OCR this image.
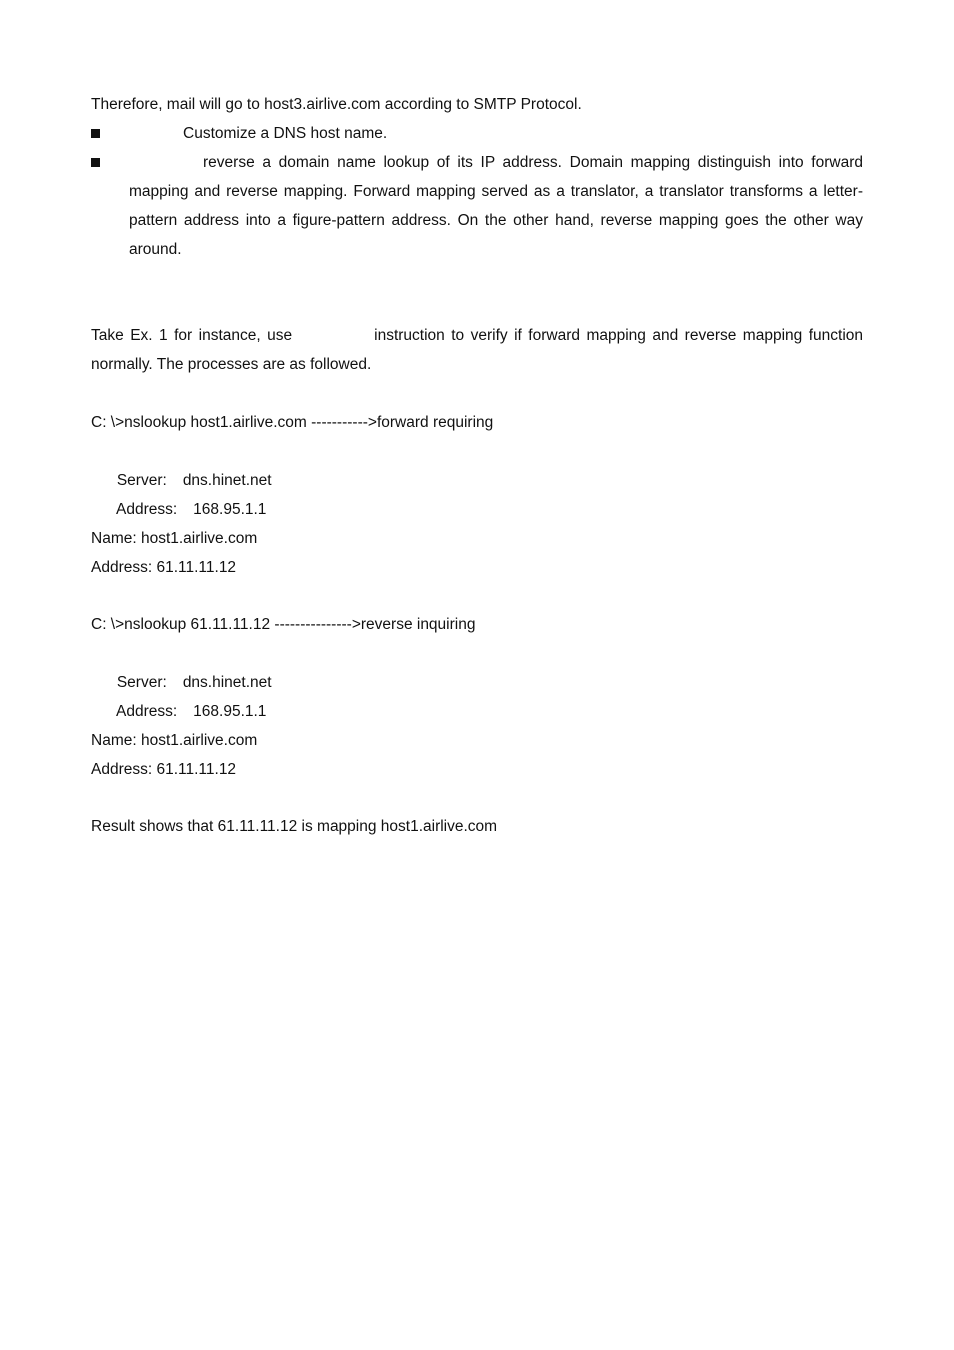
Therefore, mail will go to host3.airlive.com according to SMTP Protocol.
Customize a DNS host name.
reverse a domain name lookup of its IP address. Domain mapping distinguish into forward mapping and reverse mapping. Forward mapping served as a translator, a translator transforms a letter-pattern address into a figure-pattern address. On the other hand, reverse mapping goes the other way around.
Take Ex. 1 for instance, use	instruction to verify if forward mapping and reverse mapping function normally. The processes are as followed.
C: \>nslookup host1.airlive.com ----------->forward requiring

Server: dns.hinet.net

Address: 168.95.1.1

Name: host1.airlive.com
Address: 61.11.11.12
C: \>nslookup 61.11.11.12 --------------->reverse inquiring

Server: dns.hinet.net

Address: 168.95.1.1

Name: host1.airlive.com
Address: 61.11.11.12
Result shows that 61.11.11.12 is mapping host1.airlive.com
